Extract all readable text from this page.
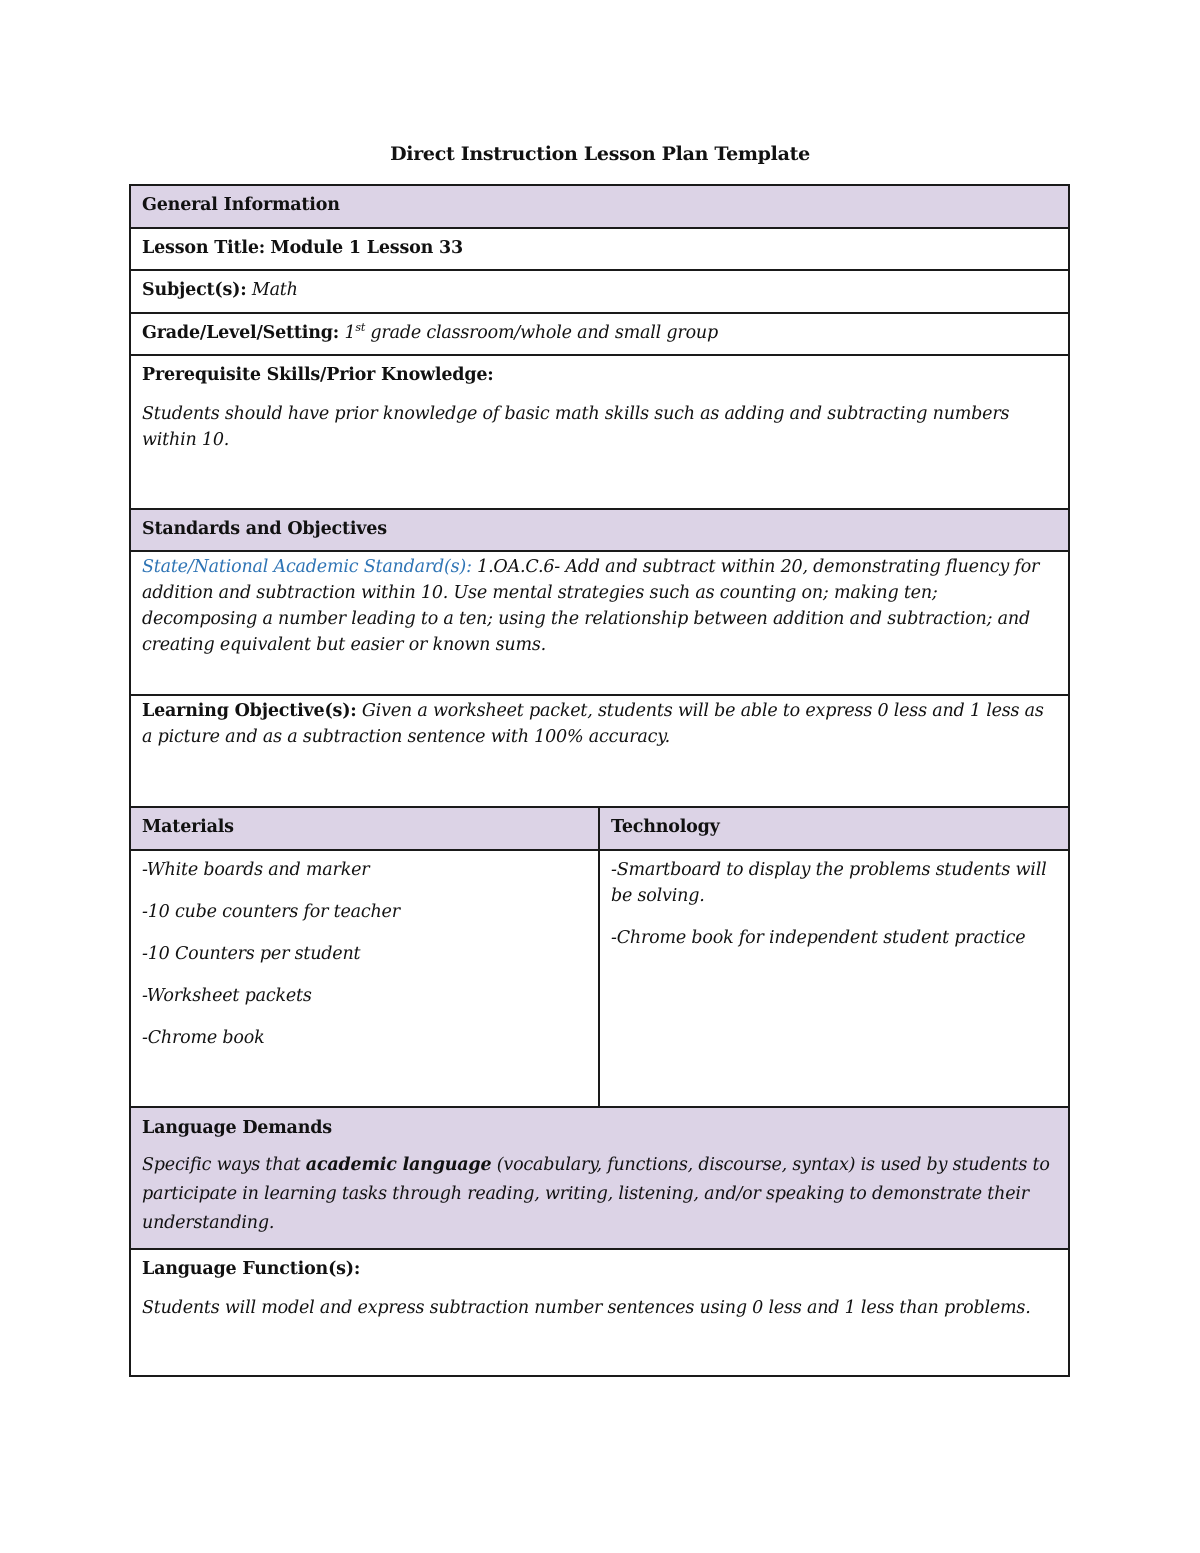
Direct Instruction Lesson Plan Template
General Information
Lesson Title: Module 1 Lesson 33
Subject(s): Math
Grade/Level/Setting: 1st grade classroom/whole and small group
Prerequisite Skills/Prior Knowledge:
Students should have prior knowledge of basic math skills such as adding and subtracting numbers within 10.
Standards and Objectives
State/National Academic Standard(s): 1.OA.C.6- Add and subtract within 20, demonstrating fluency for addition and subtraction within 10. Use mental strategies such as counting on; making ten; decomposing a number leading to a ten; using the relationship between addition and subtraction; and creating equivalent but easier or known sums.
Learning Objective(s): Given a worksheet packet, students will be able to express 0 less and 1 less as a picture and as a subtraction sentence with 100% accuracy.
Materials	Technology
-White boards and marker
-10 cube counters for teacher
-10 Counters per student
-Worksheet packets
-Chrome book
-Smartboard to display the problems students will be solving.
-Chrome book for independent student practice
Language Demands
Specific ways that academic language (vocabulary, functions, discourse, syntax) is used by students to participate in learning tasks through reading, writing, listening, and/or speaking to demonstrate their understanding.
Language Function(s):
Students will model and express subtraction number sentences using 0 less and 1 less than problems.
